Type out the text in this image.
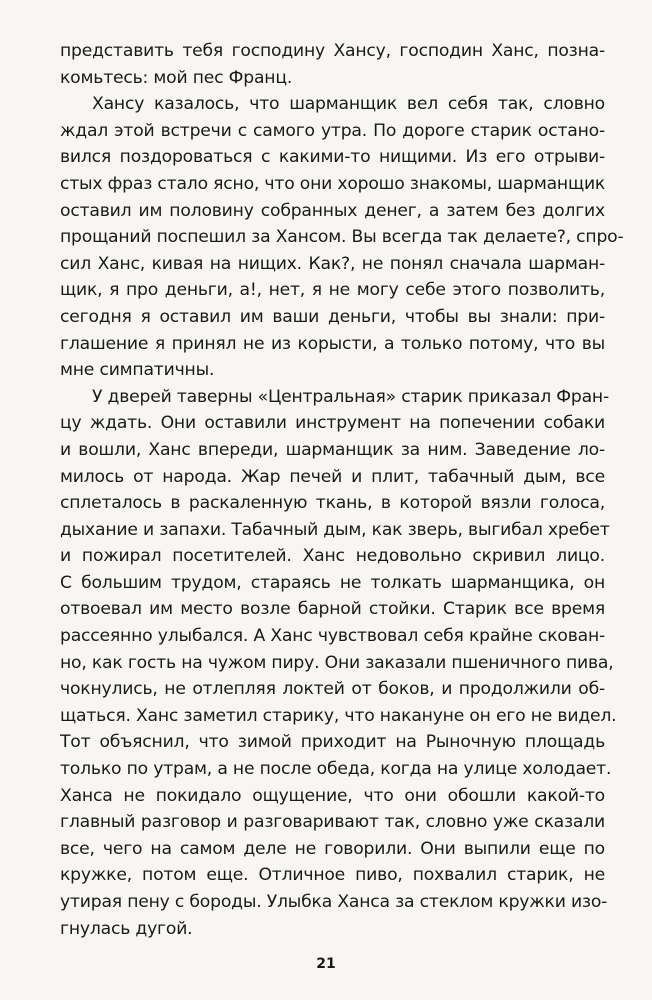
представить тебя господину Хансу, господин Ханс, позна-
комьтесь: мой пес Франц.
Хансу казалось, что шарманщик вел себя так, словно
ждал этой встречи с самого утра. По дороге старик остано-
вился поздороваться с какими-то нищими. Из его отрыви-
стых фраз стало ясно, что они хорошо знакомы, шарманщик
оставил им половину собранных денег, а затем без долгих
прощаний поспешил за Хансом. Вы всегда так делаете?, спро-
сил Ханс, кивая на нищих. Как?, не понял сначала шарман-
щик, я про деньги, а!, нет, я не могу себе этого позволить,
сегодня я оставил им ваши деньги, чтобы вы знали: при-
глашение я принял не из корысти, а только потому, что вы
мне симпатичны.
У дверей таверны «Центральная» старик приказал Фран-
цу ждать. Они оставили инструмент на попечении собаки
и вошли, Ханс впереди, шарманщик за ним. Заведение ло-
милось от народа. Жар печей и плит, табачный дым, все
сплеталось в раскаленную ткань, в которой вязли голоса,
дыхание и запахи. Табачный дым, как зверь, выгибал хребет
и пожирал посетителей. Ханс недовольно скривил лицо.
С большим трудом, стараясь не толкать шарманщика, он
отвоевал им место возле барной стойки. Старик все время
рассеянно улыбался. А Ханс чувствовал себя крайне скован-
но, как гость на чужом пиру. Они заказали пшеничного пива,
чокнулись, не отлепляя локтей от боков, и продолжили об-
щаться. Ханс заметил старику, что накануне он его не видел.
Тот объяснил, что зимой приходит на Рыночную площадь
только по утрам, а не после обеда, когда на улице холодает.
Ханса не покидало ощущение, что они обошли какой-то
главный разговор и разговаривают так, словно уже сказали
все, чего на самом деле не говорили. Они выпили еще по
кружке, потом еще. Отличное пиво, похвалил старик, не
утирая пену с бороды. Улыбка Ханса за стеклом кружки изо-
гнулась дугой.
21
